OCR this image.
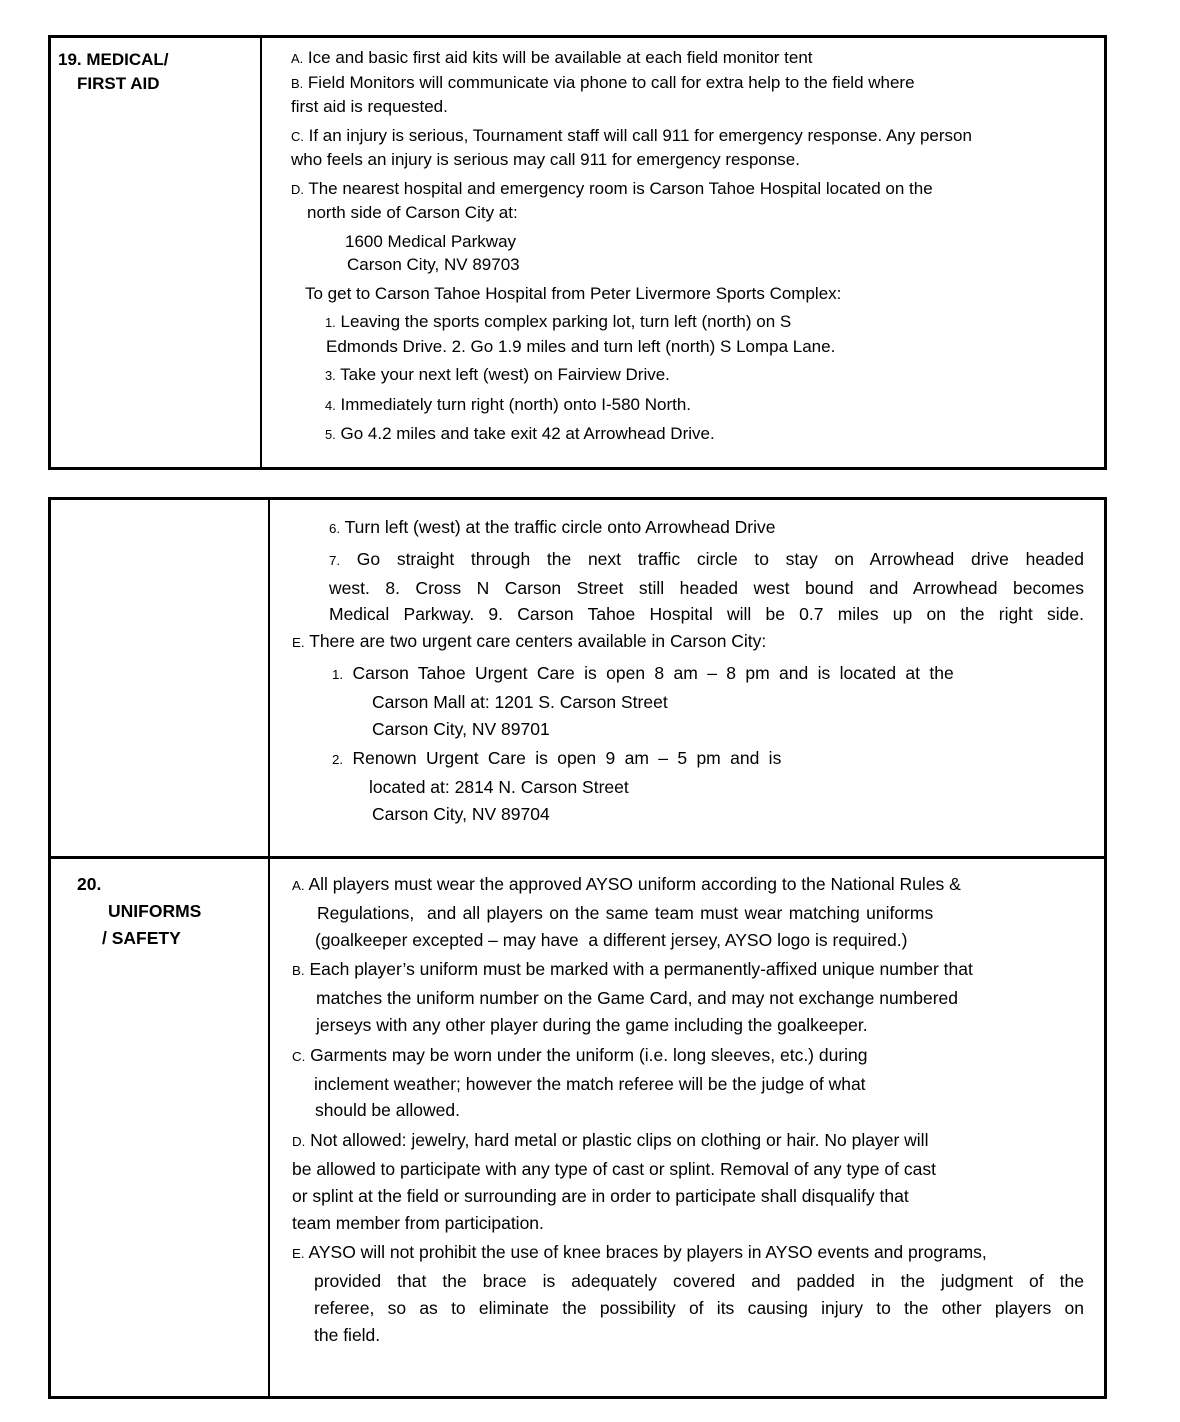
19. MEDICAL/
FIRST AID
A. Ice and basic first aid kits will be available at each field monitor tent
B. Field Monitors will communicate via phone to call for extra help to the field where
first aid is requested.
C. If an injury is serious, Tournament staff will call 911 for emergency response. Any person
who feels an injury is serious may call 911 for emergency response.
D. The nearest hospital and emergency room is Carson Tahoe Hospital located on the
north side of Carson City at:
1600 Medical Parkway
Carson City, NV 89703
To get to Carson Tahoe Hospital from Peter Livermore Sports Complex:
1. Leaving the sports complex parking lot, turn left (north) on S
Edmonds Drive. 2. Go 1.9 miles and turn left (north) S Lompa Lane.
3. Take your next left (west) on Fairview Drive.
4. Immediately turn right (north) onto I-580 North.
5. Go 4.2 miles and take exit 42 at Arrowhead Drive.
6. Turn left (west) at the traffic circle onto Arrowhead Drive
7. Go straight through the next traffic circle to stay on Arrowhead drive headed
west. 8. Cross N Carson Street still headed west bound and Arrowhead becomes
Medical Parkway. 9. Carson Tahoe Hospital will be 0.7 miles up on the right side.
E. There are two urgent care centers available in Carson City:
1. Carson Tahoe Urgent Care is open 8 am – 8 pm and is located at the
Carson Mall at: 1201 S. Carson Street
Carson City, NV 89701
2. Renown Urgent Care is open 9 am – 5 pm and is
located at: 2814 N. Carson Street
Carson City, NV 89704
20.
UNIFORMS
/ SAFETY
A. All players must wear the approved AYSO uniform according to the National Rules &
Regulations,  and all players on the same team must wear matching uniforms
(goalkeeper excepted – may have  a different jersey, AYSO logo is required.)
B. Each player’s uniform must be marked with a permanently-affixed unique number that
matches the uniform number on the Game Card, and may not exchange numbered
jerseys with any other player during the game including the goalkeeper.
C. Garments may be worn under the uniform (i.e. long sleeves, etc.) during
inclement weather; however the match referee will be the judge of what
should be allowed.
D. Not allowed: jewelry, hard metal or plastic clips on clothing or hair. No player will
be allowed to participate with any type of cast or splint. Removal of any type of cast
or splint at the field or surrounding are in order to participate shall disqualify that
team member from participation.
E. AYSO will not prohibit the use of knee braces by players in AYSO events and programs,
provided that the brace is adequately covered and padded in the judgment of the
referee, so as to eliminate the possibility of its causing injury to the other players on
the field.
